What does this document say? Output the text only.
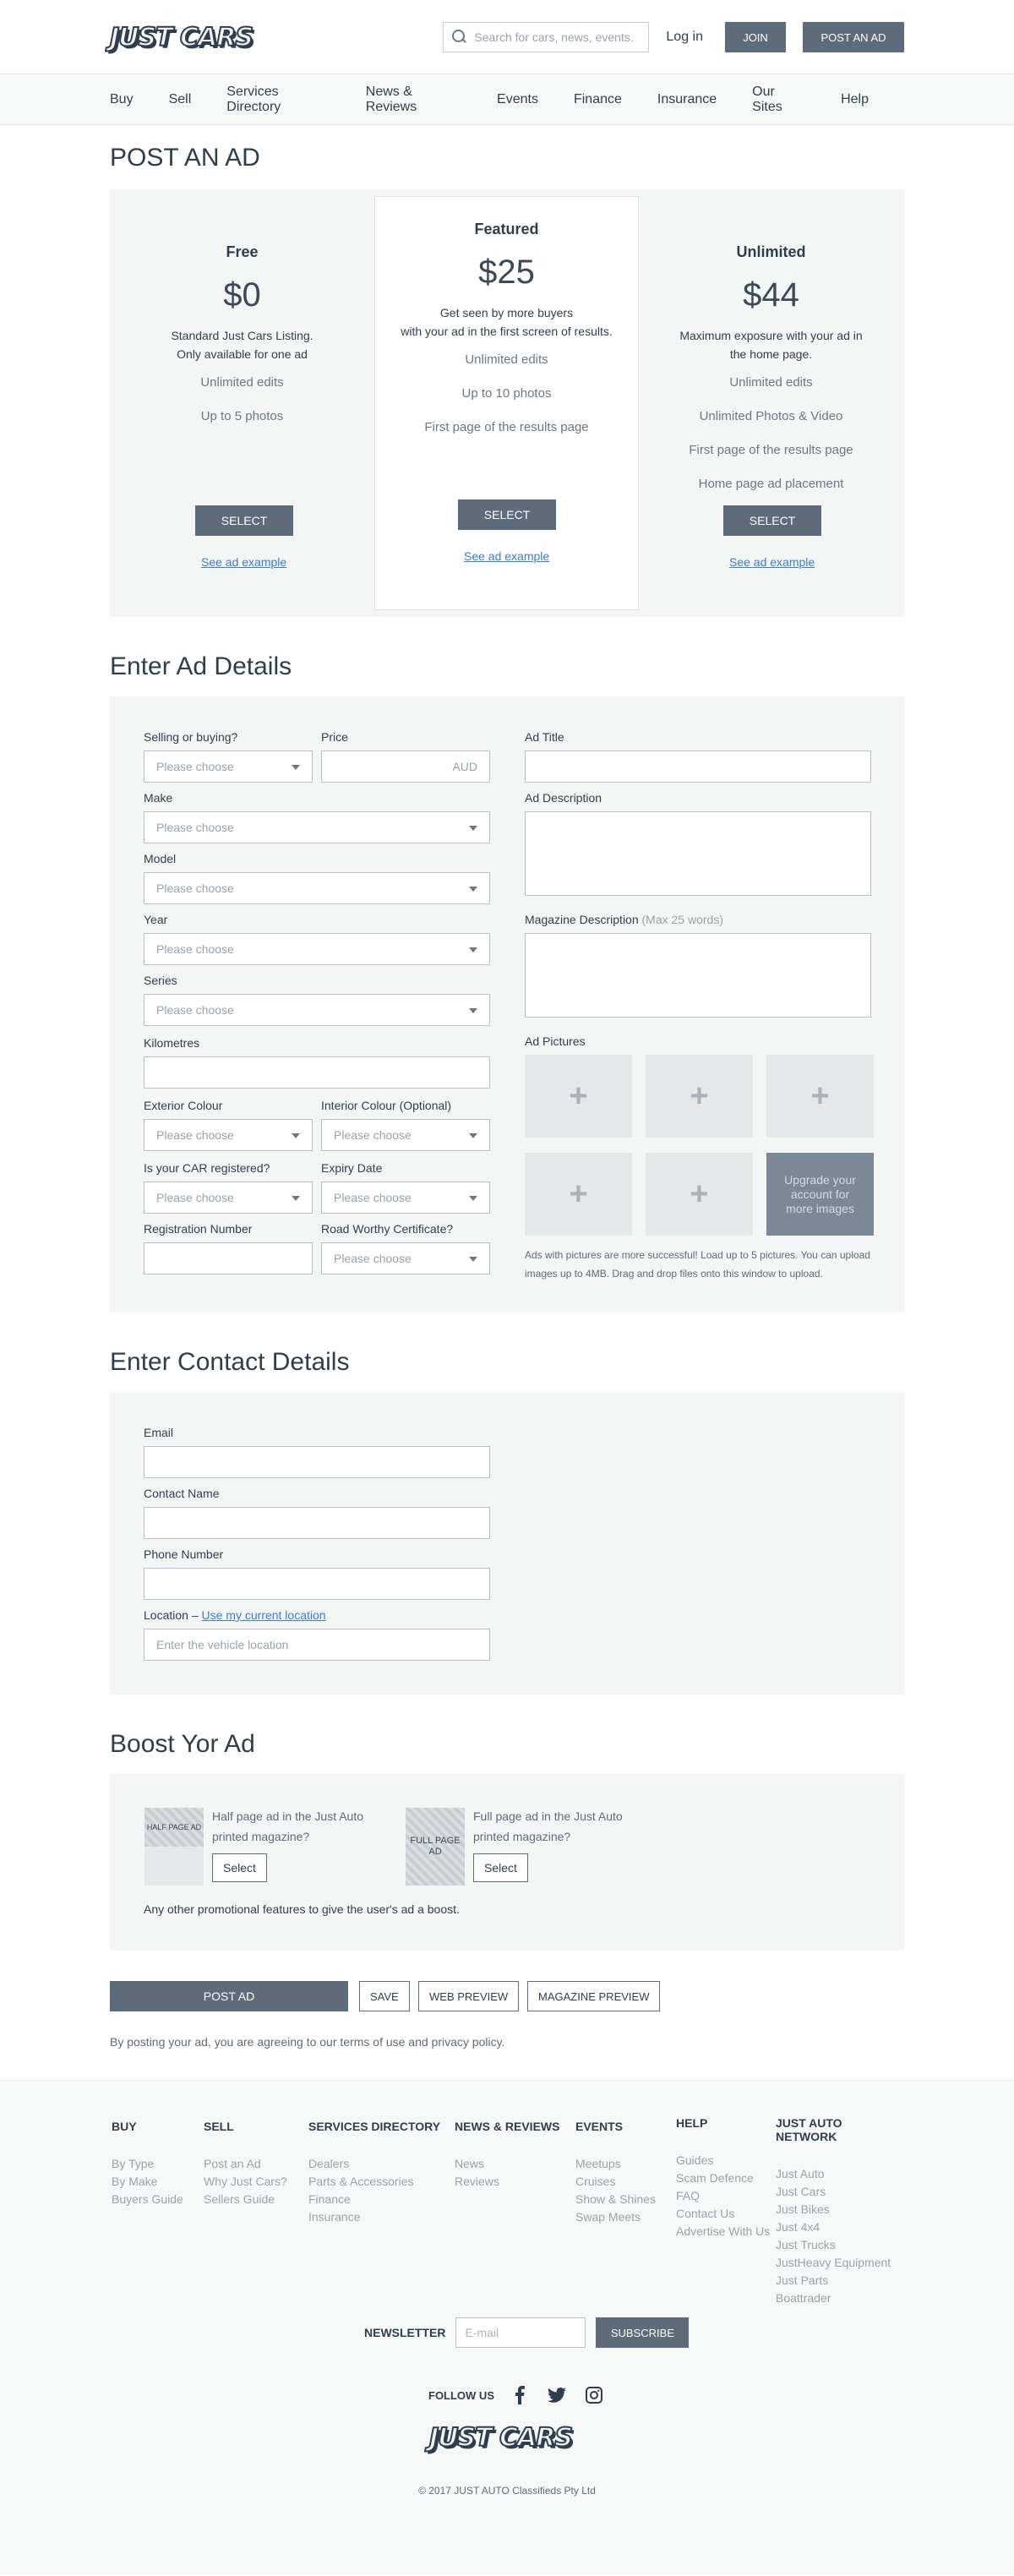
JUST CARS
Search for cars, news, events...	Log in	JOIN	POST AN AD
Buy	Sell
Services Directory
News & Reviews
Events	Finance	Insurance
Our Sites
Help
POST AN AD
Free
$0
Standard Just Cars Listing.
Only available for one ad
Unlimited edits
Up to 5 photos
SELECT
See ad example
Featured
$25
Get seen by more buyers
with your ad in the first screen of results.
Unlimited edits
Up to 10 photos
First page of the results page
SELECT
See ad example
Unlimited
$44
Maximum exposure with your ad in
the home page.
Unlimited edits
Unlimited Photos & Video
First page of the results page
Home page ad placement
SELECT
See ad example
Enter Ad Details
Selling or buying?
Please choose
Price
AUD
Make
Please choose
Model
Please choose
Year
Please choose
Series
Please choose
Kilometres
Exterior Colour
Please choose
Interior Colour (Optional)
Please choose
Is your CAR registered?
Please choose
Expiry Date
Please choose
Registration Number	Road Worthy Certificate?
Please choose
Ad Title
Ad Description
Magazine Description (Max 25 words)
Ad Pictures
+	+	+
+	+	Upgrade your account for more images
Ads with pictures are more successful! Load up to 5 pictures. You can upload images up to 4MB. Drag and drop files onto this window to upload.
Enter Contact Details
Email
Contact Name
Phone Number
Location – Use my current location
Enter the vehicle location
Boost Yor Ad
HALF PAGE AD
Half page ad in the Just Auto printed magazine?
Select
FULL PAGE AD
Full page ad in the Just Auto printed magazine?
Select
Any other promotional features to give the user's ad a boost.
POST AD	SAVE	WEB PREVIEW	MAGAZINE PREVIEW
By posting your ad, you are agreeing to our terms of use and privacy policy.
BUY
By Type
By Make
Buyers Guide
SELL
Post an Ad
Why Just Cars?
Sellers Guide
SERVICES DIRECTORY
Dealers
Parts & Accessories
Finance
Insurance
NEWS & REVIEWS
News
Reviews
EVENTS
Meetups
Cruises
Show & Shines
Swap Meets
HELP
Guides
Scam Defence
FAQ
Contact Us
Advertise With Us
JUST AUTO NETWORK
Just Auto
Just Cars
Just Bikes
Just 4x4
Just Trucks
JustHeavy Equipment
Just Parts
Boattrader
NEWSLETTER
E-mail	SUBSCRIBE
FOLLOW US
JUST CARS
© 2017 JUST AUTO Classifieds Pty Ltd
